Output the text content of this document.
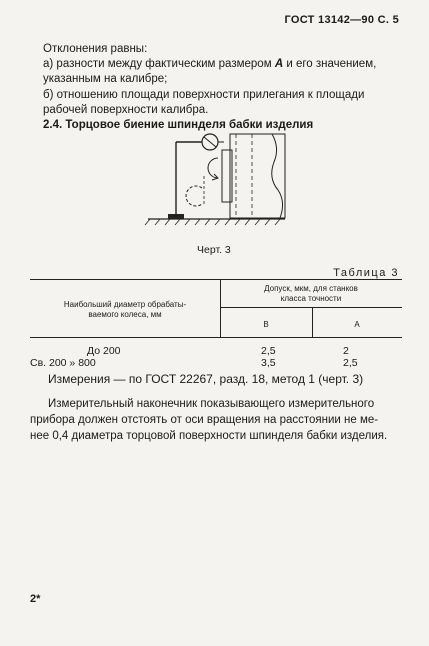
ГОСТ 13142—90 С. 5
Отклонения равны:
а) разности между фактическим размером A и его значением,
указанным на калибре;
б) отношению площади поверхности прилегания к площади
рабочей поверхности калибра.
2.4. Торцовое биение шпинделя бабки изделия
Черт. 3
Таблица 3
Наибольший диаметр обрабаты-
ваемого колеса, мм
Допуск, мкм, для станков
класса точности
В	А
До 200
Св. 200 » 800
2,5
3,5
2
2,5
Измерения — по ГОСТ 22267, разд. 18, метод 1 (черт. 3)
Измерительный наконечник показывающего измерительного
прибора должен отстоять от оси вращения на расстоянии не ме-
нее 0,4 диаметра торцовой поверхности шпинделя бабки изделия.
2*
